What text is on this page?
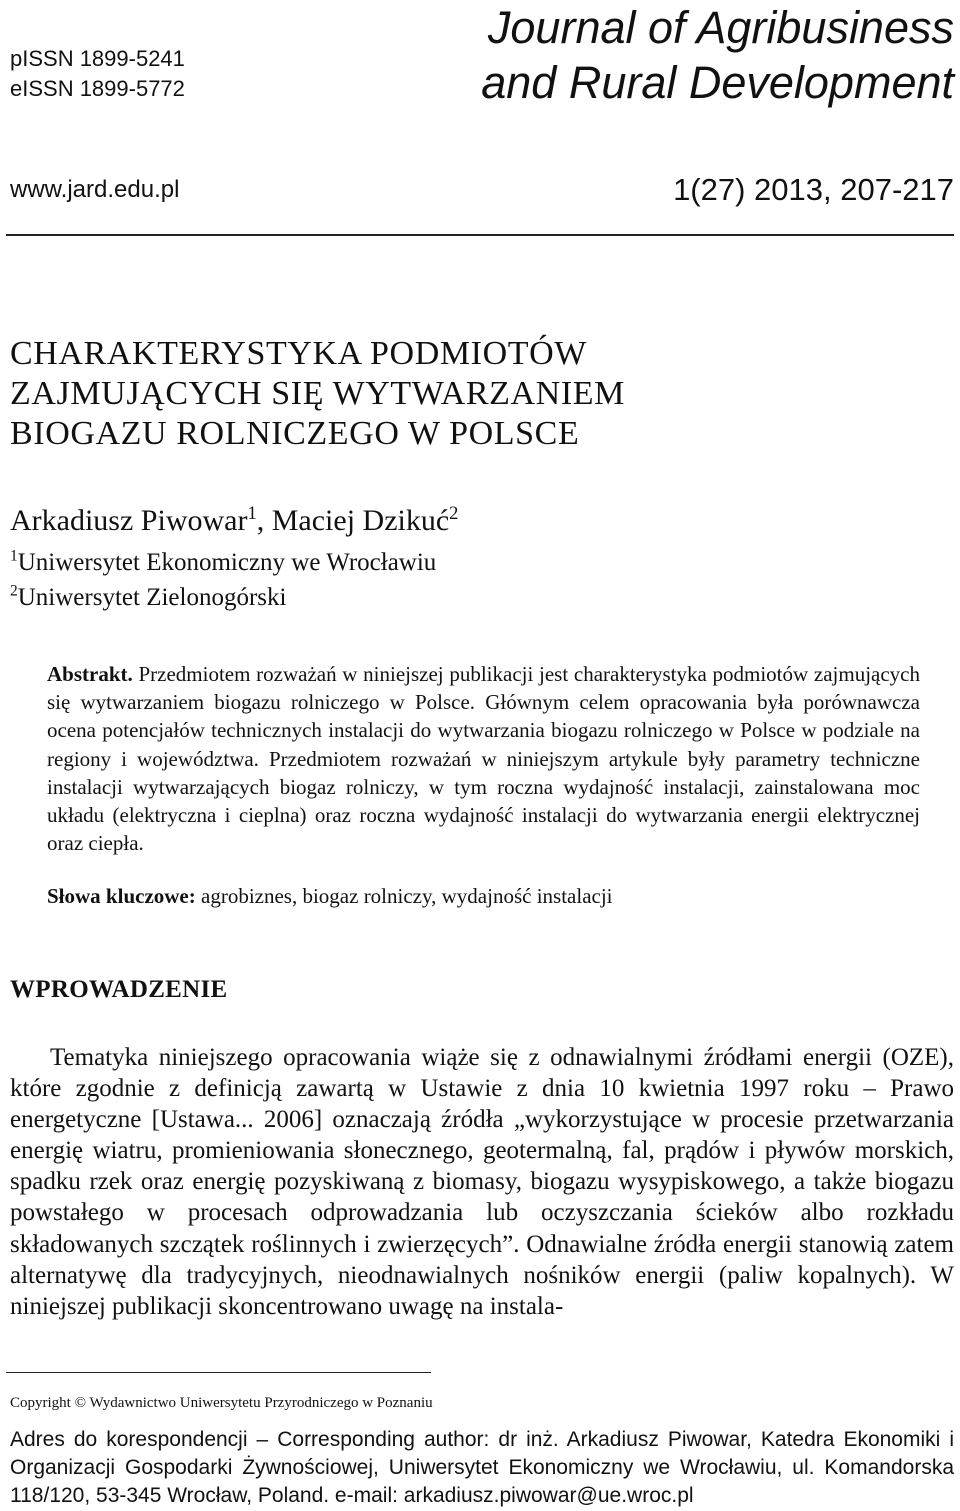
pISSN 1899-5241
eISSN 1899-5772
Journal of Agribusiness
and Rural Development
www.jard.edu.pl	1(27) 2013, 207-217
CHARAKTERYSTYKA PODMIOTÓW
ZAJMUJĄCYCH SIĘ WYTWARZANIEM
BIOGAZU ROLNICZEGO W POLSCE
Arkadiusz Piwowar$^1$, Maciej Dzikuć$^2$
$^1$Uniwersytet Ekonomiczny we Wrocławiu
$^2$Uniwersytet Zielonogórski

Abstrakt. Przedmiotem rozważań w niniejszej publikacji jest charakterystyka podmiotów zajmujących się wytwarzaniem biogazu rolniczego w Polsce. Głównym celem opracowania była porównawcza ocena potencjałów technicznych instalacji do wytwarzania biogazu rolniczego w Polsce w podziale na regiony i województwa. Przedmiotem rozważań w niniejszym artykule były parametry techniczne instalacji wytwarzających biogaz rolniczy, w tym roczna wydajność instalacji, zainstalowana moc układu (elektryczna i cieplna) oraz roczna wydajność instalacji do wytwarzania energii elektrycznej oraz ciepła.

Słowa kluczowe: agrobiznes, biogaz rolniczy, wydajność instalacji

WPROWADZENIE

Tematyka niniejszego opracowania wiąże się z odnawialnymi źródłami energii (OZE), które zgodnie z definicją zawartą w Ustawie z dnia 10 kwietnia 1997 roku – Prawo energetyczne [Ustawa... 2006] oznaczają źródła „wykorzystujące w procesie przetwarzania energię wiatru, promieniowania słonecznego, geotermalną, fal, prądów i pływów morskich, spadku rzek oraz energię pozyskiwaną z biomasy, biogazu wysypiskowego, a także biogazu powstałego w procesach odprowadzania lub oczyszczania ścieków albo rozkładu składowanych szczątek roślinnych i zwierzęcych”. Odnawialne źródła energii stanowią zatem alternatywę dla tradycyjnych, nieodnawialnych nośników energii (paliw kopalnych). W niniejszej publikacji skoncentrowano uwagę na instala-

Copyright © Wydawnictwo Uniwersytetu Przyrodniczego w Poznaniu

Adres do korespondencji – Corresponding author: dr inż. Arkadiusz Piwowar, Katedra Ekonomiki i Organizacji Gospodarki Żywnościowej, Uniwersytet Ekonomiczny we Wrocławiu, ul. Komandorska 118/120, 53-345 Wrocław, Poland. e-mail: arkadiusz.piwowar@ue.wroc.pl
